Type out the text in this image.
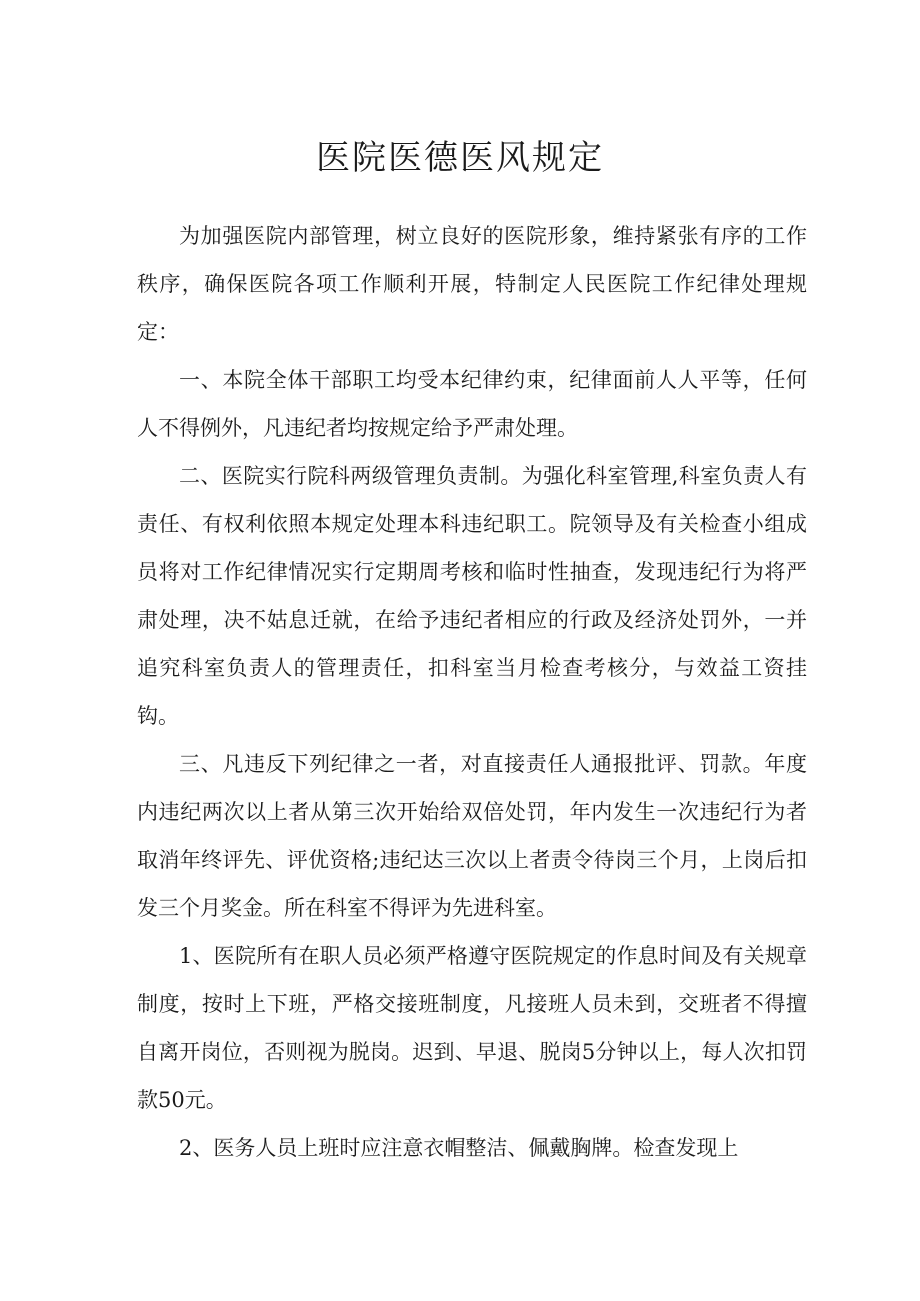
医院医德医风规定

为加强医院内部管理，树立良好的医院形象，维持紧张有序的工作秩序，确保医院各项工作顺利开展，特制定人民医院工作纪律处理规定：

一、本院全体干部职工均受本纪律约束，纪律面前人人平等，任何人不得例外，凡违纪者均按规定给予严肃处理。

二、医院实行院科两级管理负责制。为强化科室管理,科室负责人有责任、有权利依照本规定处理本科违纪职工。院领导及有关检查小组成员将对工作纪律情况实行定期周考核和临时性抽查，发现违纪行为将严肃处理，决不姑息迁就，在给予违纪者相应的行政及经济处罚外，一并追究科室负责人的管理责任，扣科室当月检查考核分，与效益工资挂钩。

三、凡违反下列纪律之一者，对直接责任人通报批评、罚款。年度内违纪两次以上者从第三次开始给双倍处罚，年内发生一次违纪行为者取消年终评先、评优资格;违纪达三次以上者责令待岗三个月，上岗后扣发三个月奖金。所在科室不得评为先进科室。

1、医院所有在职人员必须严格遵守医院规定的作息时间及有关规章制度，按时上下班，严格交接班制度，凡接班人员未到，交班者不得擅自离开岗位，否则视为脱岗。迟到、早退、脱岗5分钟以上，每人次扣罚款50元。

2、医务人员上班时应注意衣帽整洁、佩戴胸牌。检查发现上
